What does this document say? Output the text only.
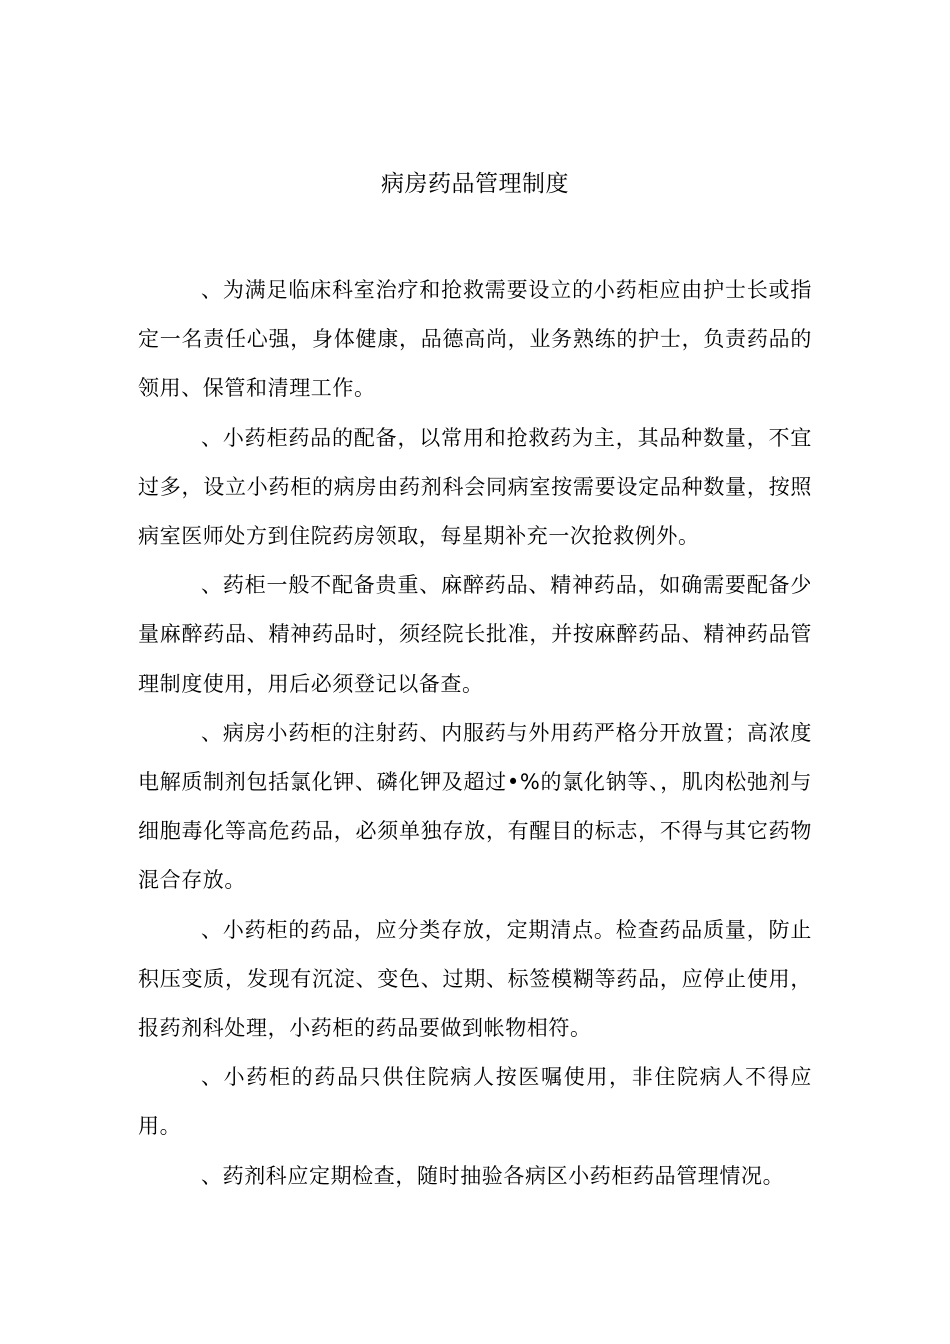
病房药品管理制度

、为满足临床科室治疗和抢救需要设立的小药柜应由护士长或指定一名责任心强，身体健康，品德高尚，业务熟练的护士，负责药品的领用、保管和清理工作。

、小药柜药品的配备，以常用和抢救药为主，其品种数量，不宜过多，设立小药柜的病房由药剂科会同病室按需要设定品种数量，按照病室医师处方到住院药房领取，每星期补充一次抢救例外。

、药柜一般不配备贵重、麻醉药品、精神药品，如确需要配备少量麻醉药品、精神药品时，须经院长批准，并按麻醉药品、精神药品管理制度使用，用后必须登记以备查。

、病房小药柜的注射药、内服药与外用药严格分开放置；高浓度电解质制剂包括氯化钾、磷化钾及超过•%的氯化钠等、，肌肉松弛剂与细胞毒化等高危药品，必须单独存放，有醒目的标志，不得与其它药物混合存放。

、小药柜的药品，应分类存放，定期清点。检查药品质量，防止积压变质，发现有沉淀、变色、过期、标签模糊等药品，应停止使用，报药剂科处理，小药柜的药品要做到帐物相符。

、小药柜的药品只供住院病人按医嘱使用，非住院病人不得应用。

、药剂科应定期检查，随时抽验各病区小药柜药品管理情况。
